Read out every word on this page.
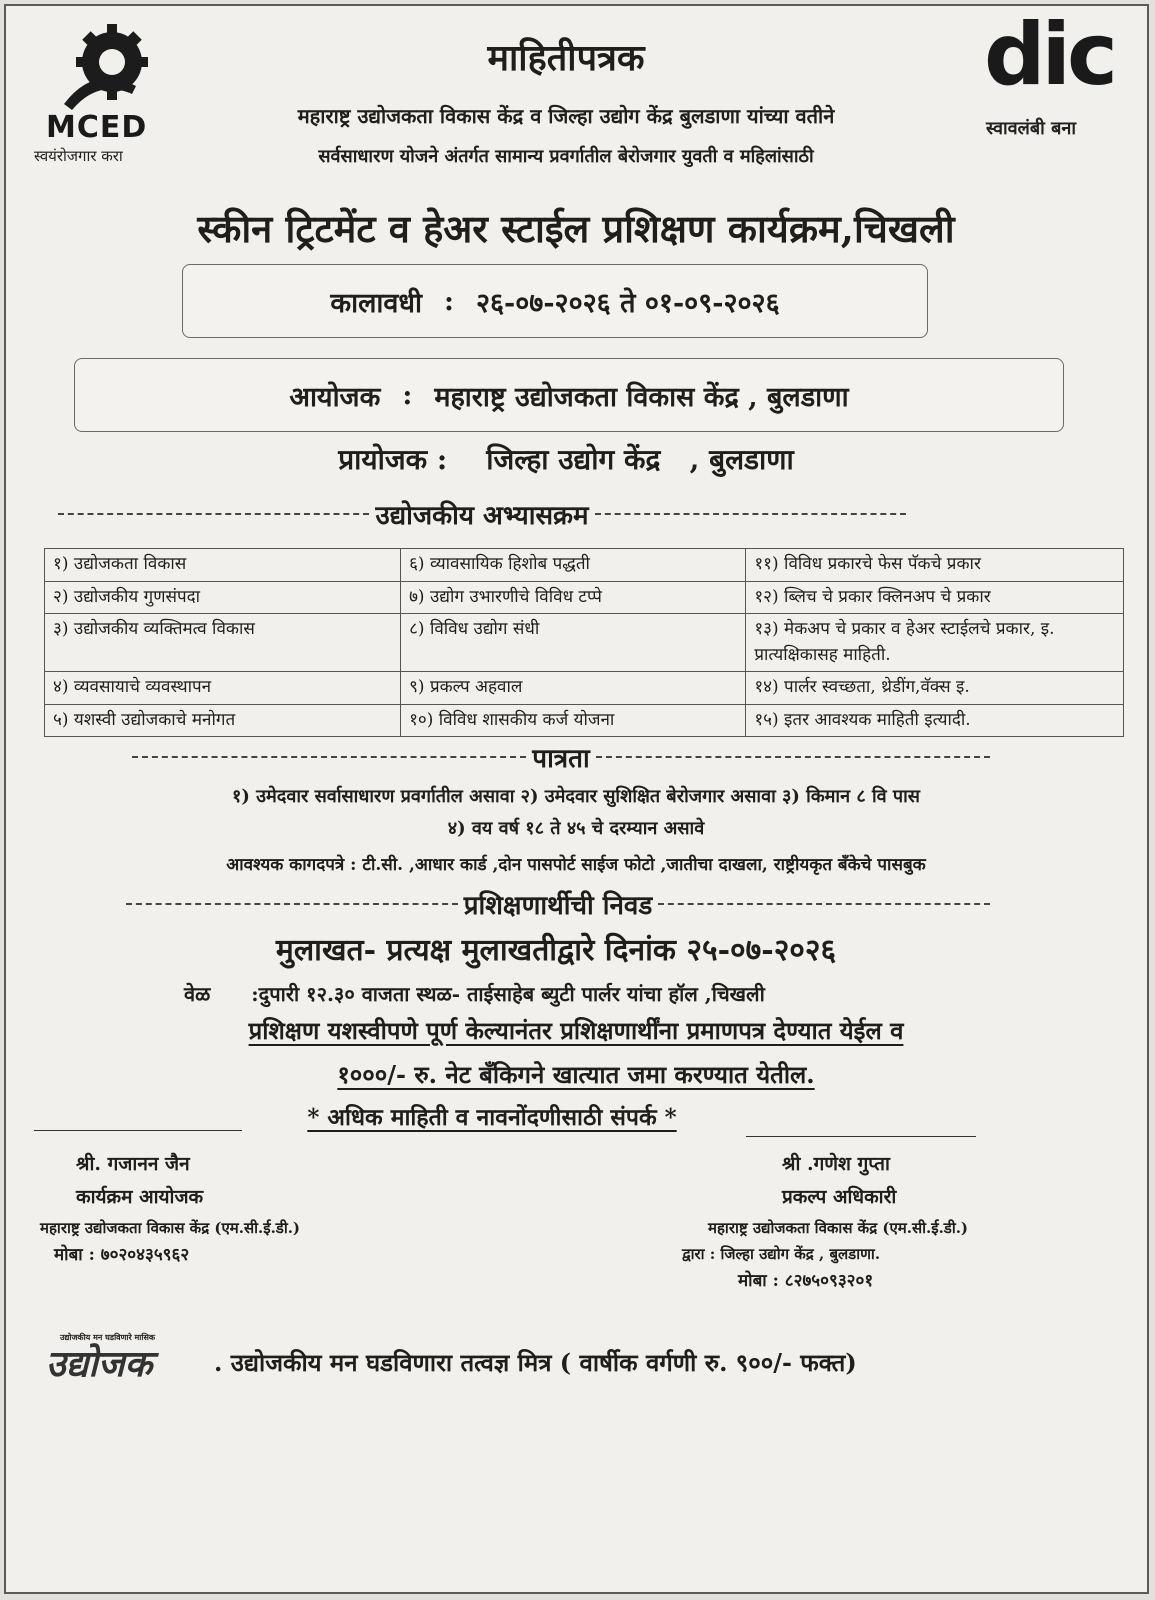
MCED
स्वयंरोजगार करा
dic
स्वावलंबी बना
माहितीपत्रक
महाराष्ट्र उद्योजकता विकास केंद्र व जिल्हा उद्योग केंद्र बुलडाणा यांच्या वतीने
सर्वसाधारण योजने अंतर्गत सामान्य प्रवर्गातील बेरोजगार युवती व महिलांसाठी
स्कीन ट्रिटमेंट व हेअर स्टाईल प्रशिक्षण कार्यक्रम,चिखली
कालावधी : २६-०७-२०२६ ते ०१-०९-२०२६
आयोजक : महाराष्ट्र उद्योजकता विकास केंद्र , बुलडाणा
प्रायोजक : जिल्हा उद्योग केंद्र   , बुलडाणा
उद्योजकीय अभ्यासक्रम
१) उद्योजकता विकास	६) व्यावसायिक हिशोब पद्धती	११) विविध प्रकारचे फेस पॅकचे प्रकार
२) उद्योजकीय गुणसंपदा	७) उद्योग उभारणीचे विविध टप्पे	१२) ब्लिच चे प्रकार क्लिनअप चे प्रकार
३) उद्योजकीय व्यक्तिमत्व विकास	८) विविध उद्योग संधी	१३) मेकअप चे प्रकार व हेअर स्टाईलचे प्रकार, इ. प्रात्यक्षिकासह माहिती.
४) व्यवसायाचे व्यवस्थापन	९) प्रकल्प अहवाल	१४) पार्लर स्वच्छता, थ्रेडींग,वॅक्स इ.
५) यशस्वी उद्योजकाचे मनोगत	१०) विविध शासकीय कर्ज योजना	१५) इतर आवश्यक माहिती इत्यादी.
पात्रता
१) उमेदवार सर्वासाधारण प्रवर्गातील असावा २) उमेदवार सुशिक्षित बेरोजगार असावा ३) किमान ८ वि पास
४) वय वर्ष १८ ते ४५ चे दरम्यान असावे
आवश्यक कागदपत्रे : टी.सी. ,आधार कार्ड ,दोन पासपोर्ट साईज फोटो ,जातीचा दाखला, राष्ट्रीयकृत बँकेचे पासबुक
प्रशिक्षणार्थीची निवड
मुलाखत- प्रत्यक्ष मुलाखतीद्वारे दिनांक २५-०७-२०२६
वेळ :दुपारी १२.३० वाजता स्थळ- ताईसाहेब ब्युटी पार्लर यांचा हॉल ,चिखली
प्रशिक्षण यशस्वीपणे पूर्ण केल्यानंतर प्रशिक्षणार्थींना प्रमाणपत्र देण्यात येईल व
१०००/- रु. नेट बँकिगने खात्यात जमा करण्यात येतील.
* अधिक माहिती व नावनोंदणीसाठी संपर्क *
श्री. गजानन जैन
कार्यक्रम आयोजक
महाराष्ट्र उद्योजकता विकास केंद्र (एम.सी.ई.डी.)
मोबा : ७०२०४३५९६२
श्री .गणेश गुप्ता
प्रकल्प अधिकारी
महाराष्ट्र उद्योजकता विकास केंद्र (एम.सी.ई.डी.)
द्वारा : जिल्हा उद्योग केंद्र , बुलडाणा.
मोबा : ८२७५०९३२०१
उद्योजकीय मन घडविणारे मासिक
उद्योजक	. उद्योजकीय मन घडविणारा तत्वज्ञ मित्र ( वार्षीक वर्गणी रु. ९००/- फक्त)
